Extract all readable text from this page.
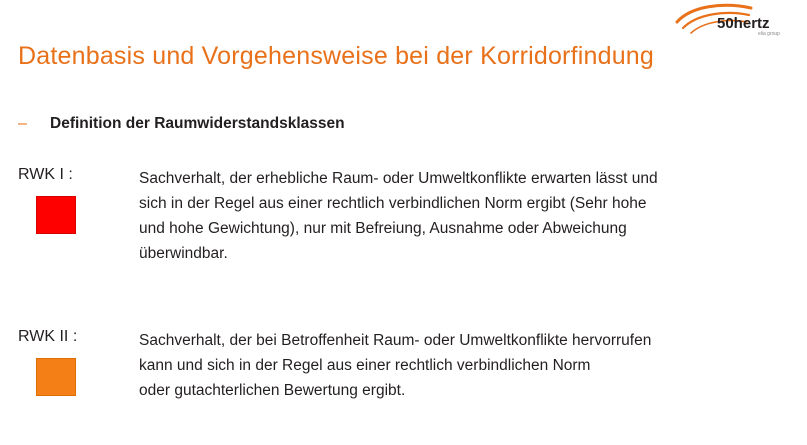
50hertz
elia group
Datenbasis und Vorgehensweise bei der Korridorfindung
–	Definition der Raumwiderstandsklassen
RWK I :	Sachverhalt, der erhebliche Raum- oder Umweltkonflikte erwarten lässt und
sich in der Regel aus einer rechtlich verbindlichen Norm ergibt (Sehr hohe
und hohe Gewichtung), nur mit Befreiung, Ausnahme oder Abweichung
überwindbar.
RWK II :	Sachverhalt, der bei Betroffenheit Raum- oder Umweltkonflikte hervorrufen
kann und sich in der Regel aus einer rechtlich verbindlichen Norm
oder gutachterlichen Bewertung ergibt.
